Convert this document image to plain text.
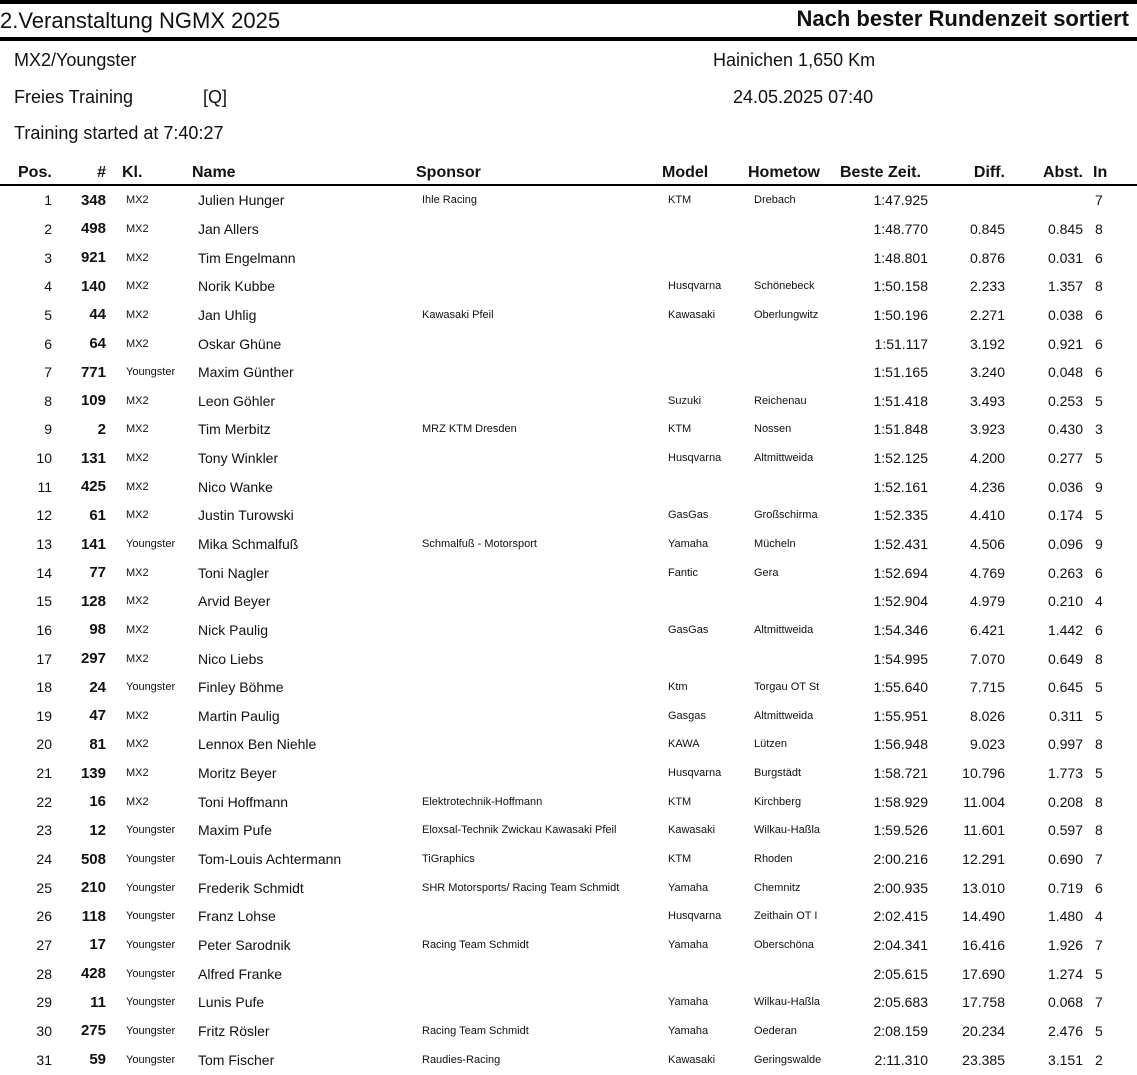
2.Veranstaltung NGMX 2025	Nach bester Rundenzeit sortiert
MX2/Youngster	Hainichen 1,650 Km
Freies Training	[Q]	24.05.2025 07:40
Training started at 7:40:27
Pos.	#	Kl.	Name	Sponsor	Model	Hometow	Beste Zeit.	Diff.	Abst.	In
1	348	MX2	Julien Hunger	Ihle Racing	KTM	Drebach	1:47.925			7
2	498	MX2	Jan Allers				1:48.770	0.845	0.845	8
3	921	MX2	Tim Engelmann				1:48.801	0.876	0.031	6
4	140	MX2	Norik Kubbe		Husqvarna	Schönebeck	1:50.158	2.233	1.357	8
5	44	MX2	Jan Uhlig	Kawasaki Pfeil	Kawasaki	Oberlungwitz	1:50.196	2.271	0.038	6
6	64	MX2	Oskar Ghüne				1:51.117	3.192	0.921	6
7	771	Youngster	Maxim Günther				1:51.165	3.240	0.048	6
8	109	MX2	Leon Göhler		Suzuki	Reichenau	1:51.418	3.493	0.253	5
9	2	MX2	Tim Merbitz	MRZ KTM Dresden	KTM	Nossen	1:51.848	3.923	0.430	3
10	131	MX2	Tony Winkler		Husqvarna	Altmittweida	1:52.125	4.200	0.277	5
11	425	MX2	Nico Wanke				1:52.161	4.236	0.036	9
12	61	MX2	Justin Turowski		GasGas	Großschirma	1:52.335	4.410	0.174	5
13	141	Youngster	Mika Schmalfuß	Schmalfuß - Motorsport	Yamaha	Mücheln	1:52.431	4.506	0.096	9
14	77	MX2	Toni Nagler		Fantic	Gera	1:52.694	4.769	0.263	6
15	128	MX2	Arvid Beyer				1:52.904	4.979	0.210	4
16	98	MX2	Nick Paulig		GasGas	Altmittweida	1:54.346	6.421	1.442	6
17	297	MX2	Nico Liebs				1:54.995	7.070	0.649	8
18	24	Youngster	Finley Böhme		Ktm	Torgau OT St	1:55.640	7.715	0.645	5
19	47	MX2	Martin Paulig		Gasgas	Altmittweida	1:55.951	8.026	0.311	5
20	81	MX2	Lennox Ben Niehle		KAWA	Lützen	1:56.948	9.023	0.997	8
21	139	MX2	Moritz Beyer		Husqvarna	Burgstädt	1:58.721	10.796	1.773	5
22	16	MX2	Toni Hoffmann	Elektrotechnik-Hoffmann	KTM	Kirchberg	1:58.929	11.004	0.208	8
23	12	Youngster	Maxim Pufe	Eloxsal-Technik Zwickau Kawasaki Pfeil	Kawasaki	Wilkau-Haßla	1:59.526	11.601	0.597	8
24	508	Youngster	Tom-Louis Achtermann	TiGraphics	KTM	Rhoden	2:00.216	12.291	0.690	7
25	210	Youngster	Frederik Schmidt	SHR Motorsports/ Racing Team Schmidt	Yamaha	Chemnitz	2:00.935	13.010	0.719	6
26	118	Youngster	Franz Lohse		Husqvarna	Zeithain OT I	2:02.415	14.490	1.480	4
27	17	Youngster	Peter Sarodnik	Racing Team Schmidt	Yamaha	Oberschöna	2:04.341	16.416	1.926	7
28	428	Youngster	Alfred Franke				2:05.615	17.690	1.274	5
29	11	Youngster	Lunis Pufe		Yamaha	Wilkau-Haßla	2:05.683	17.758	0.068	7
30	275	Youngster	Fritz Rösler	Racing Team Schmidt	Yamaha	Oederan	2:08.159	20.234	2.476	5
31	59	Youngster	Tom Fischer	Raudies-Racing	Kawasaki	Geringswalde	2:11.310	23.385	3.151	2
